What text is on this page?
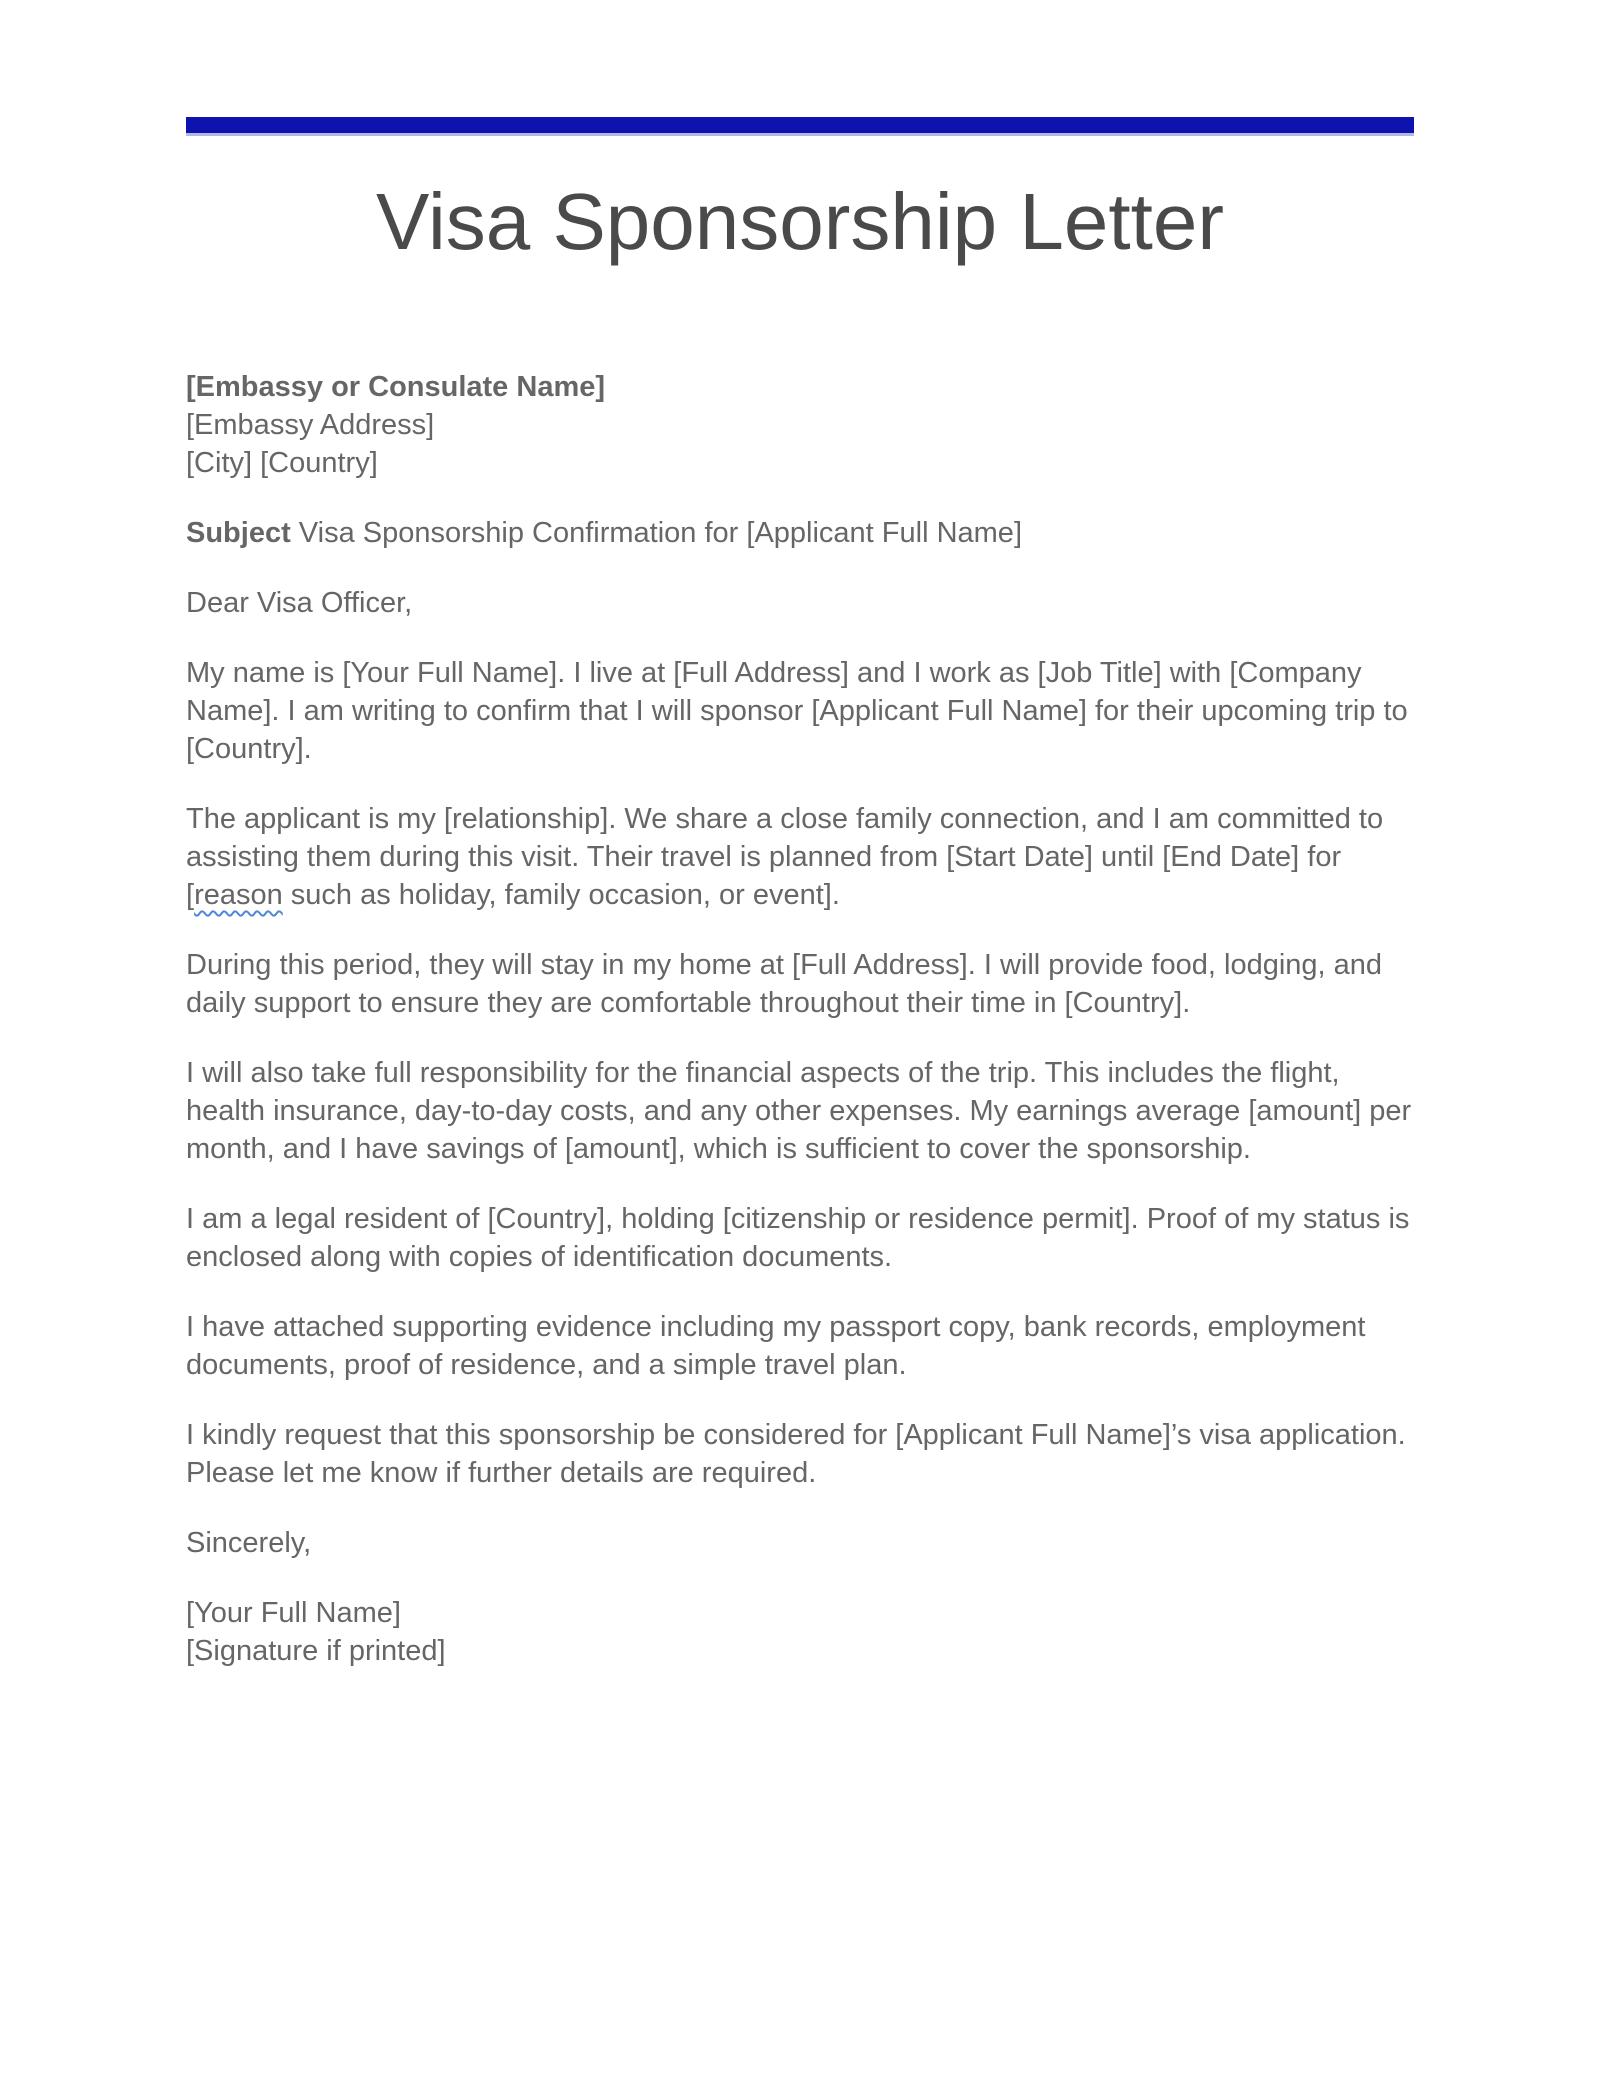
Visa Sponsorship Letter

[Embassy or Consulate Name]
[Embassy Address]
[City] [Country]

Subject Visa Sponsorship Confirmation for [Applicant Full Name]

Dear Visa Officer,

My name is [Your Full Name]. I live at [Full Address] and I work as [Job Title] with [Company Name]. I am writing to confirm that I will sponsor [Applicant Full Name] for their upcoming trip to [Country].

The applicant is my [relationship]. We share a close family connection, and I am committed to assisting them during this visit. Their travel is planned from [Start Date] until [End Date] for [reason such as holiday, family occasion, or event].

During this period, they will stay in my home at [Full Address]. I will provide food, lodging, and daily support to ensure they are comfortable throughout their time in [Country].

I will also take full responsibility for the financial aspects of the trip. This includes the flight, health insurance, day-to-day costs, and any other expenses. My earnings average [amount] per month, and I have savings of [amount], which is sufficient to cover the sponsorship.

I am a legal resident of [Country], holding [citizenship or residence permit]. Proof of my status is enclosed along with copies of identification documents.

I have attached supporting evidence including my passport copy, bank records, employment documents, proof of residence, and a simple travel plan.

I kindly request that this sponsorship be considered for [Applicant Full Name]’s visa application. Please let me know if further details are required.

Sincerely,

[Your Full Name]
[Signature if printed]
